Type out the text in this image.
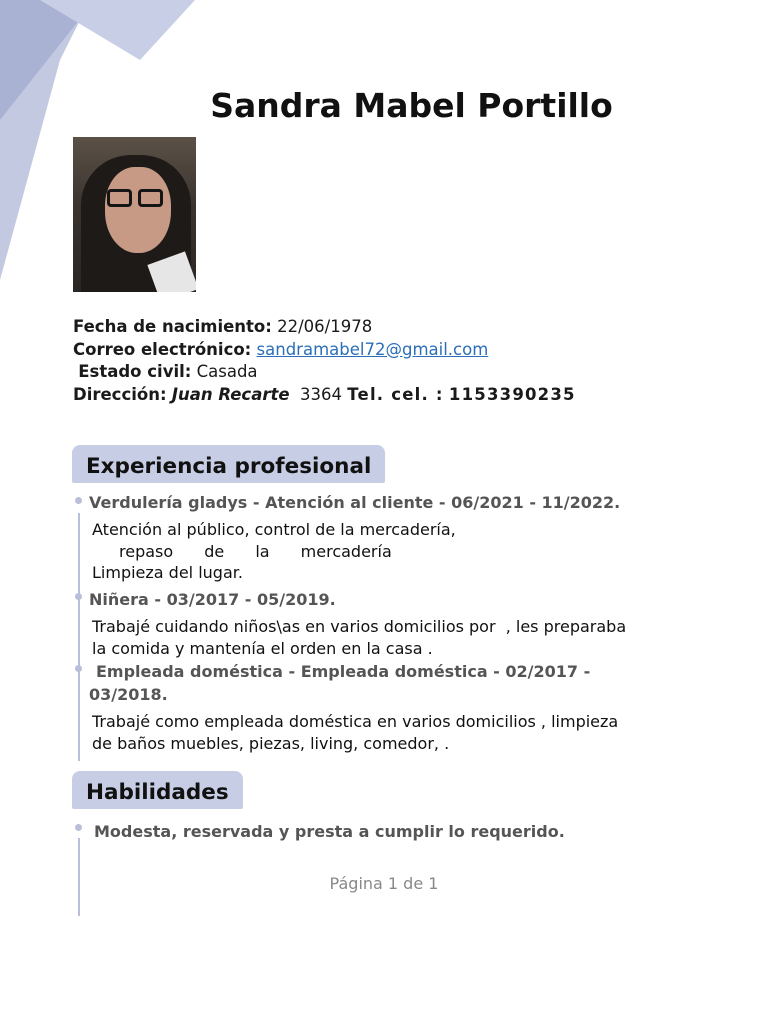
Sandra Mabel Portillo
Fecha de nacimiento: 22/06/1978
Correo electrónico: sandramabel72@gmail.com
Estado civil: Casada
Dirección: Juan Recarte 3364 Tel. cel. : 1153390235
Experiencia profesional
Verdulería gladys - Atención al cliente - 06/2021 - 11/2022.
Atención al público, control de la mercadería,
repaso de la mercadería
Limpieza del lugar.
Niñera - 03/2017 - 05/2019.
Trabajé cuidando niños\as en varios domicilios por  , les preparaba
la comida y mantenía el orden en la casa .
Empleada doméstica - Empleada doméstica - 02/2017 - 03/2018.
Trabajé como empleada doméstica en varios domicilios , limpieza
de baños muebles, piezas, living, comedor, .
Habilidades
Modesta, reservada y presta a cumplir lo requerido.
Página 1 de 1
